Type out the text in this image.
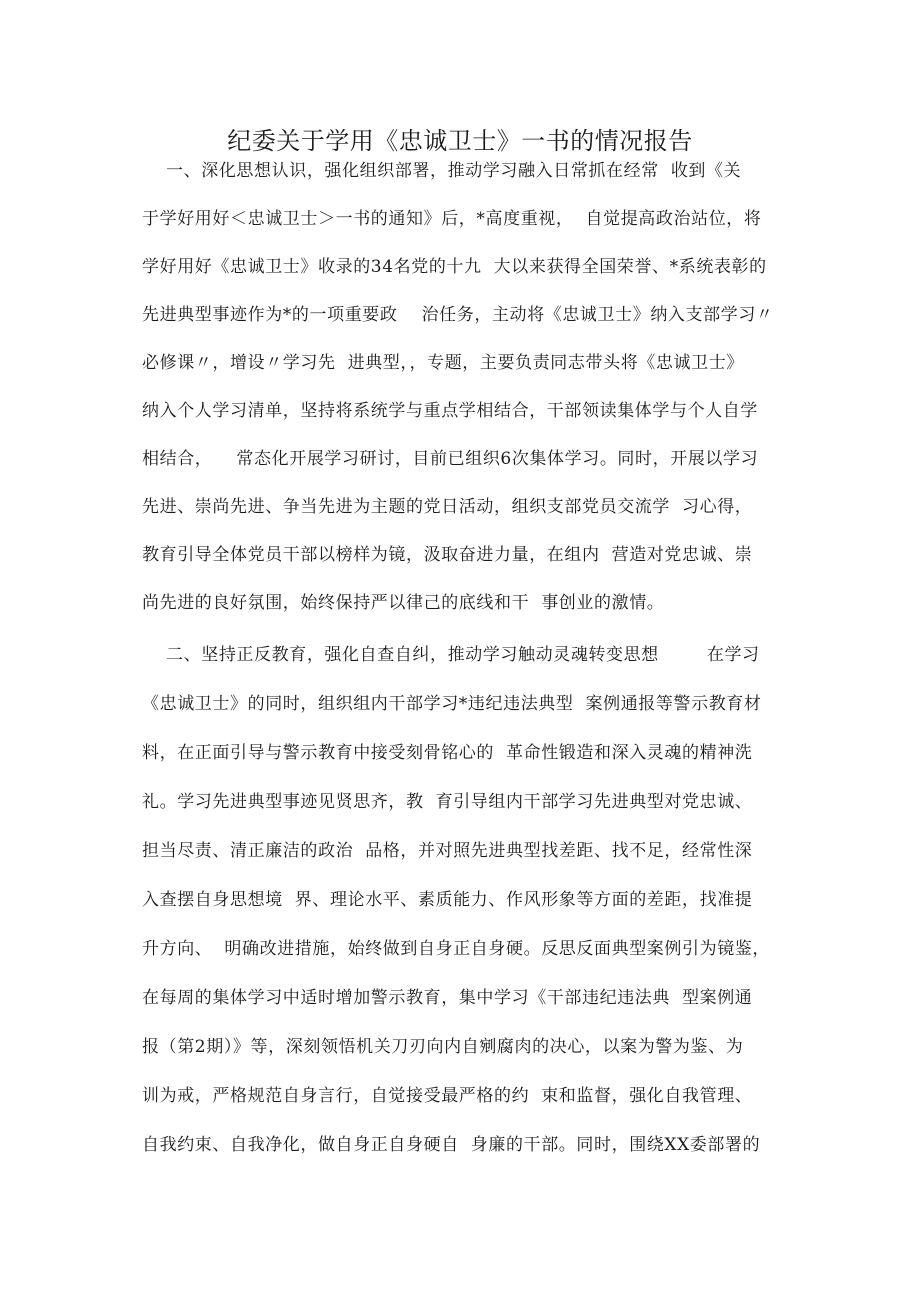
纪委关于学用《忠诚卫士》一书的情况报告
一、深化思想认识，强化组织部署，推动学习融入日常抓在经常  收到《关
于学好用好＜忠诚卫士＞一书的通知》后，*高度重视，  自觉提高政治站位，将
学好用好《忠诚卫士》收录的34名党的十九  大以来获得全国荣誉、*系统表彰的
先进典型事迹作为*的一项重要政    治任务，主动将《忠诚卫士》纳入支部学习〃
必修课〃，增设〃学习先  进典型，，专题，主要负责同志带头将《忠诚卫士》
纳入个人学习清单，坚持将系统学与重点学相结合，干部领读集体学与个人自学
相结合，    常态化开展学习研讨，目前已组织6次集体学习。同时，开展以学习
先进、崇尚先进、争当先进为主题的党日活动，组织支部党员交流学  习心得，
教育引导全体党员干部以榜样为镜，汲取奋进力量，在组内  营造对党忠诚、崇
尚先进的良好氛围，始终保持严以律己的底线和干  事创业的激情。
二、坚持正反教育，强化自查自纠，推动学习触动灵魂转变思想        在学习
《忠诚卫士》的同时，组织组内干部学习*违纪违法典型  案例通报等警示教育材
料，在正面引导与警示教育中接受刻骨铭心的  革命性锻造和深入灵魂的精神洗
礼。学习先进典型事迹见贤思齐，教  育引导组内干部学习先进典型对党忠诚、
担当尽责、清正廉洁的政治  品格，并对照先进典型找差距、找不足，经常性深
入查摆自身思想境  界、理论水平、素质能力、作风形象等方面的差距，找准提
升方向、  明确改进措施，始终做到自身正自身硬。反思反面典型案例引为镜鉴，
在每周的集体学习中适时增加警示教育，集中学习《干部违纪违法典  型案例通
报（第2期）》等，深刻领悟机关刀刃向内自剜腐肉的决心，以案为警为鉴、为
训为戒，严格规范自身言行，自觉接受最严格的约  束和监督，强化自我管理、
自我约束、自我净化，做自身正自身硬自  身廉的干部。同时，围绕XX委部署的
